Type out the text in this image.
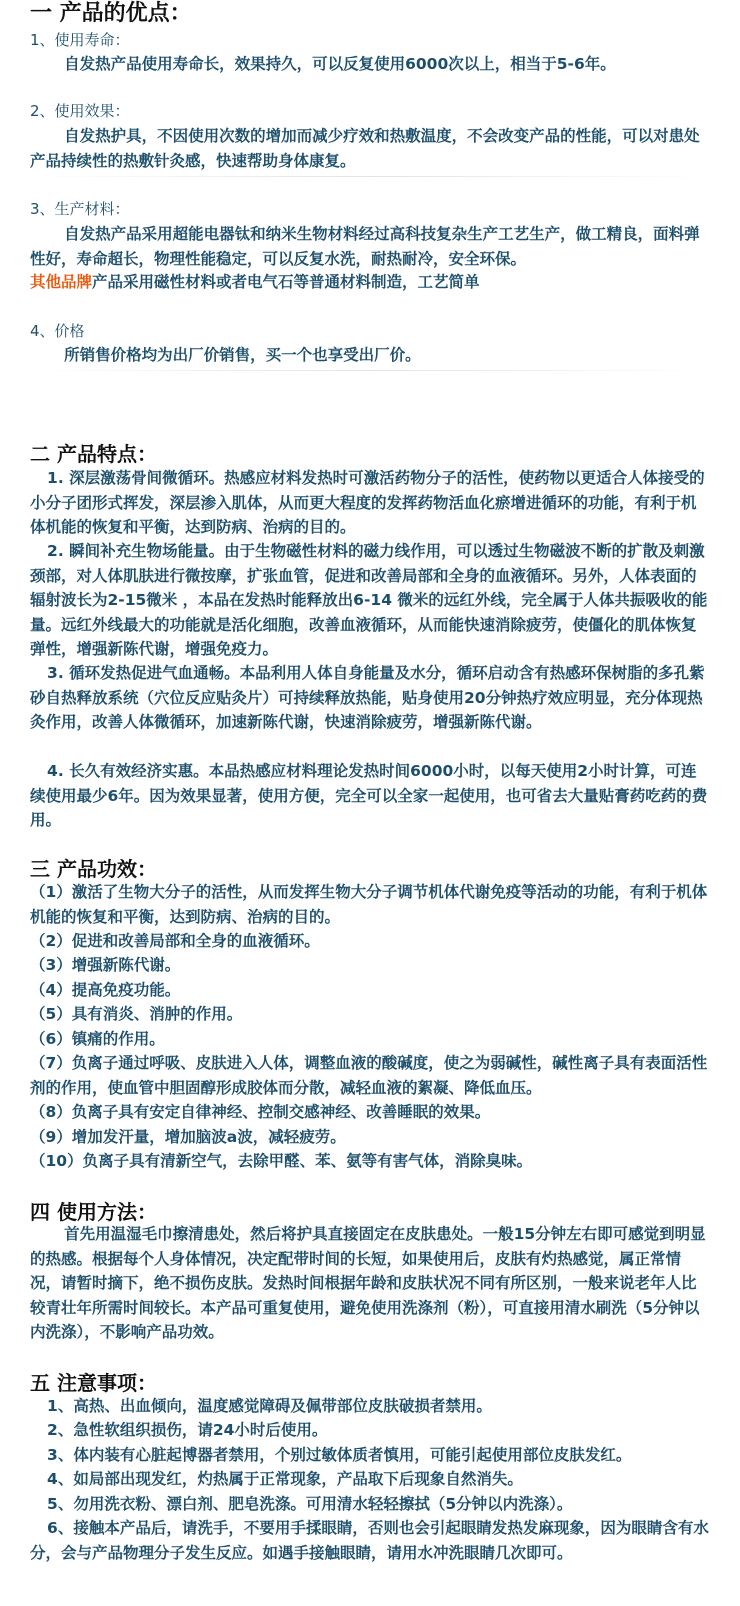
一 产品的优点：
1、使用寿命：
自发热产品使用寿命长，效果持久，可以反复使用6000次以上，相当于5-6年。
2、使用效果：
自发热护具，不因使用次数的增加而减少疗效和热敷温度，不会改变产品的性能，可以对患处产品持续性的热敷针灸感，快速帮助身体康复。
3、生产材料：
自发热产品采用超能电器钛和纳米生物材料经过高科技复杂生产工艺生产，做工精良，面料弹性好，寿命超长，物理性能稳定，可以反复水洗，耐热耐冷，安全环保。
其他品牌产品采用磁性材料或者电气石等普通材料制造，工艺简单
4、价格
所销售价格均为出厂价销售，买一个也享受出厂价。
二 产品特点：
1. 深层激荡骨间微循环。热感应材料发热时可激活药物分子的活性，使药物以更适合人体接受的小分子团形式挥发，深层渗入肌体，从而更大程度的发挥药物活血化瘀增进循环的功能，有利于机体机能的恢复和平衡，达到防病、治病的目的。
2. 瞬间补充生物场能量。由于生物磁性材料的磁力线作用，可以透过生物磁波不断的扩散及刺激颈部，对人体肌肤进行微按摩，扩张血管，促进和改善局部和全身的血液循环。另外，人体表面的辐射波长为2-15微米 ，本品在发热时能释放出6-14 微米的远红外线，完全属于人体共振吸收的能量。远红外线最大的功能就是活化细胞，改善血液循环，从而能快速消除疲劳，使僵化的肌体恢复弹性，增强新陈代谢，增强免疫力。
3. 循环发热促进气血通畅。本品利用人体自身能量及水分，循环启动含有热感环保树脂的多孔紫砂自热释放系统（穴位反应贴灸片）可持续释放热能，贴身使用20分钟热疗效应明显，充分体现热灸作用，改善人体微循环，加速新陈代谢，快速消除疲劳，增强新陈代谢。
4. 长久有效经济实惠。本品热感应材料理论发热时间6000小时，以每天使用2小时计算，可连续使用最少6年。因为效果显著，使用方便，完全可以全家一起使用，也可省去大量贴膏药吃药的费用。
三 产品功效：
（1）激活了生物大分子的活性，从而发挥生物大分子调节机体代谢免疫等活动的功能，有利于机体机能的恢复和平衡，达到防病、治病的目的。
（2）促进和改善局部和全身的血液循环。
（3）增强新陈代谢。
（4）提高免疫功能。
（5）具有消炎、消肿的作用。
（6）镇痛的作用。
（7）负离子通过呼吸、皮肤进入人体，调整血液的酸碱度，使之为弱碱性，碱性离子具有表面活性剂的作用，使血管中胆固醇形成胶体而分散，减轻血液的絮凝、降低血压。
（8）负离子具有安定自律神经、控制交感神经、改善睡眠的效果。
（9）增加发汗量，增加脑波a波，减轻疲劳。
（10）负离子具有清新空气，去除甲醛、苯、氨等有害气体，消除臭味。
四 使用方法：
首先用温湿毛巾擦清患处，然后将护具直接固定在皮肤患处。一般15分钟左右即可感觉到明显的热感。根据每个人身体情况，决定配带时间的长短，如果使用后，皮肤有灼热感觉，属正常情况，请暂时摘下，绝不损伤皮肤。发热时间根据年龄和皮肤状况不同有所区别，一般来说老年人比较青壮年所需时间较长。本产品可重复使用，避免使用洗涤剂（粉），可直接用清水刷洗（5分钟以内洗涤），不影响产品功效。
五 注意事项：
1、高热、出血倾向，温度感觉障碍及佩带部位皮肤破损者禁用。
2、急性软组织损伤，请24小时后使用。
3、体内装有心脏起博器者禁用，个别过敏体质者慎用，可能引起使用部位皮肤发红。
4、如局部出现发红，灼热属于正常现象，产品取下后现象自然消失。
5、勿用洗衣粉、漂白剂、肥皂洗涤。可用清水轻轻擦拭（5分钟以内洗涤）。
6、接触本产品后，请洗手，不要用手揉眼睛，否则也会引起眼睛发热发麻现象，因为眼睛含有水分，会与产品物理分子发生反应。如遇手接触眼睛，请用水冲洗眼睛几次即可。
